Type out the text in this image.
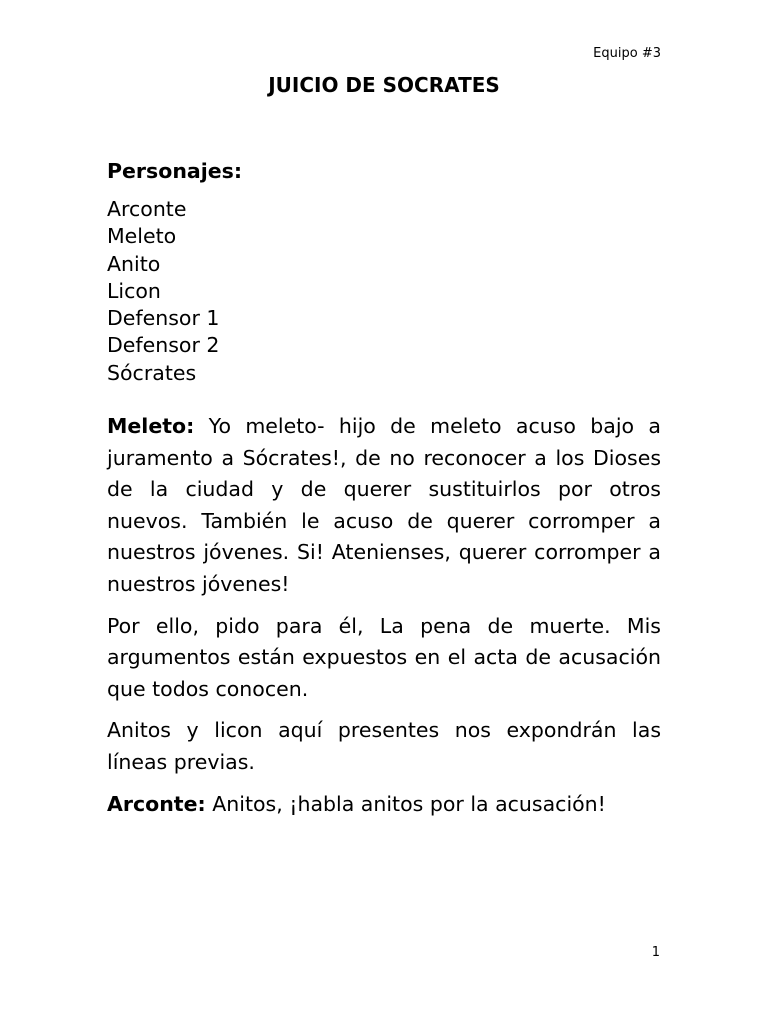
Equipo #3
JUICIO DE SOCRATES
Personajes:
Arconte
Meleto
Anito
Licon
Defensor 1
Defensor 2
Sócrates

Meleto: Yo meleto- hijo de meleto acuso bajo a juramento a Sócrates!, de no reconocer a los Dioses de la ciudad y de querer sustituirlos por otros nuevos. También le acuso de querer corromper a nuestros jóvenes. Si! Atenienses, querer corromper a nuestros jóvenes!

Por ello, pido para él, La pena de muerte. Mis argumentos están expuestos en el acta de acusación que todos conocen.

Anitos y licon aquí presentes nos expondrán las líneas previas.

Arconte: Anitos, ¡habla anitos por la acusación!

1
